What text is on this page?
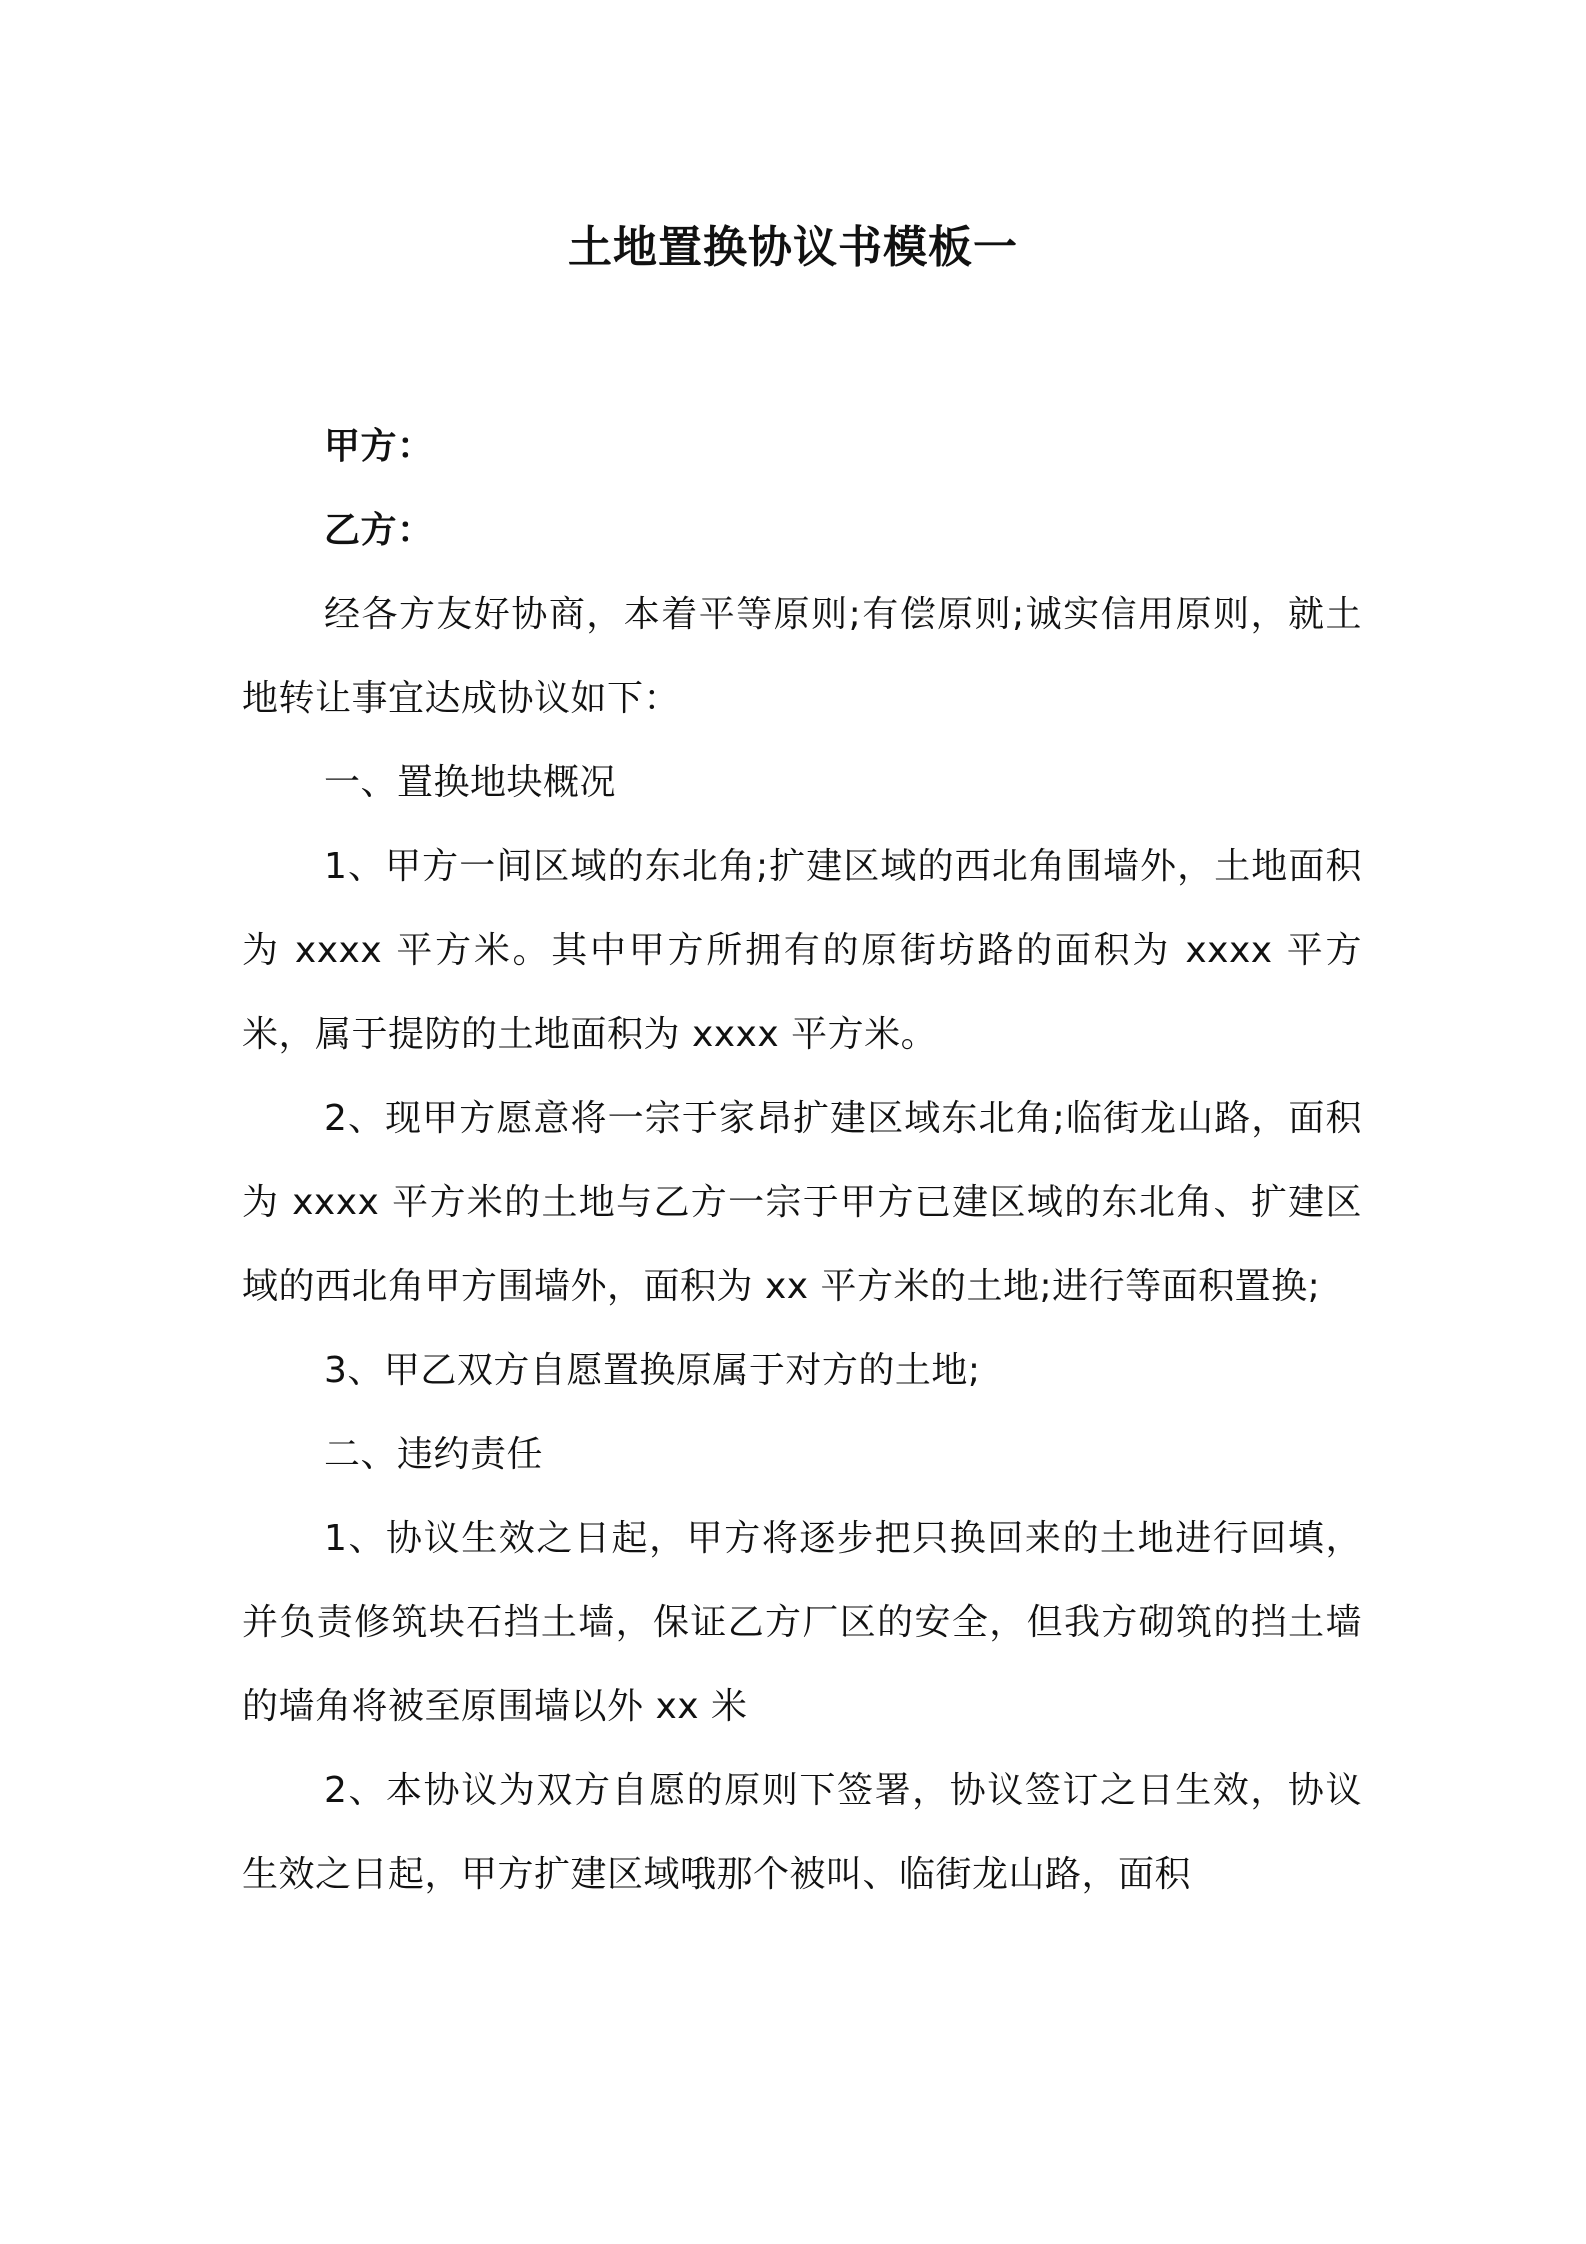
土地置换协议书模板一

甲方：

乙方：

经各方友好协商，本着平等原则;有偿原则;诚实信用原则，就土地转让事宜达成协议如下：

一、置换地块概况

1、甲方一间区域的东北角;扩建区域的西北角围墙外，土地面积为 xxxx 平方米。其中甲方所拥有的原街坊路的面积为 xxxx 平方米，属于提防的土地面积为 xxxx 平方米。

2、现甲方愿意将一宗于家昂扩建区域东北角;临街龙山路，面积为 xxxx 平方米的土地与乙方一宗于甲方已建区域的东北角、扩建区域的西北角甲方围墙外，面积为 xx 平方米的土地;进行等面积置换;

3、甲乙双方自愿置换原属于对方的土地;

二、违约责任

1、协议生效之日起，甲方将逐步把只换回来的土地进行回填，并负责修筑块石挡土墙，保证乙方厂区的安全，但我方砌筑的挡土墙的墙角将被至原围墙以外 xx 米

2、本协议为双方自愿的原则下签署，协议签订之日生效，协议生效之日起，甲方扩建区域哦那个被叫、临街龙山路，面积
